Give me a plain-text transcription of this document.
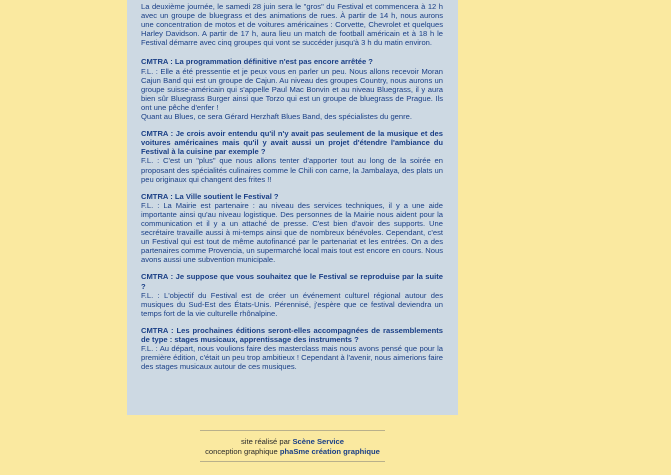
La deuxième journée, le samedi 28 juin sera le "gros" du Festival et commencera à 12 h avec un groupe de bluegrass et des animations de rues. À partir de 14 h, nous aurons une concentration de motos et de voitures américaines : Corvette, Chevrolet et quelques Harley Davidson. A partir de 17 h, aura lieu un match de football américain et à 18 h le Festival démarre avec cinq groupes qui vont se succéder jusqu'à 3 h du matin environ.

CMTRA : La programmation définitive n'est pas encore arrêtée ?

F.L. : Elle a été pressentie et je peux vous en parler un peu. Nous allons recevoir Moran Cajun Band qui est un groupe de Cajun. Au niveau des groupes Country, nous aurons un groupe suisse-américain qui s'appelle Paul Mac Bonvin et au niveau Bluegrass, il y aura bien sûr Bluegrass Burger ainsi que Torzo qui est un groupe de bluegrass de Prague. Ils ont une pêche d'enfer !

Quant au Blues, ce sera Gérard Herzhaft Blues Band, des spécialistes du genre.

CMTRA : Je crois avoir entendu qu'il n'y avait pas seulement de la musique et des voitures américaines mais qu'il y avait aussi un projet d'étendre l'ambiance du Festival à la cuisine par exemple ?

F.L. : C'est un "plus" que nous allons tenter d'apporter tout au long de la soirée en proposant des spécialités culinaires comme le Chili con carne, la Jambalaya, des plats un peu originaux qui changent des frites !!

CMTRA : La Ville soutient le Festival ?

F.L. : La Mairie est partenaire : au niveau des services techniques, il y a une aide importante ainsi qu'au niveau logistique. Des personnes de la Mairie nous aident pour la communication et il y a un attaché de presse. C'est bien d'avoir des supports. Une secrétaire travaille aussi à mi-temps ainsi que de nombreux bénévoles. Cependant, c'est un Festival qui est tout de même autofinancé par le partenariat et les entrées. On a des partenaires comme Provencia, un supermarché local mais tout est encore en cours. Nous avons aussi une subvention municipale.

CMTRA : Je suppose que vous souhaitez que le Festival se reproduise par la suite ?

F.L. : L'objectif du Festival est de créer un événement culturel régional autour des musiques du Sud-Est des États-Unis. Pérennisé, j'espère que ce festival deviendra un temps fort de la vie culturelle rhônalpine.

CMTRA : Les prochaines éditions seront-elles accompagnées de rassemblements de type : stages musicaux, apprentissage des instruments ?

F.L. : Au départ, nous voulions faire des masterclass mais nous avons pensé que pour la première édition, c'était un peu trop ambitieux ! Cependant à l'avenir, nous aimerions faire des stages musicaux autour de ces musiques.

site réalisé par Scène Service
conception graphique phaSme création graphique
